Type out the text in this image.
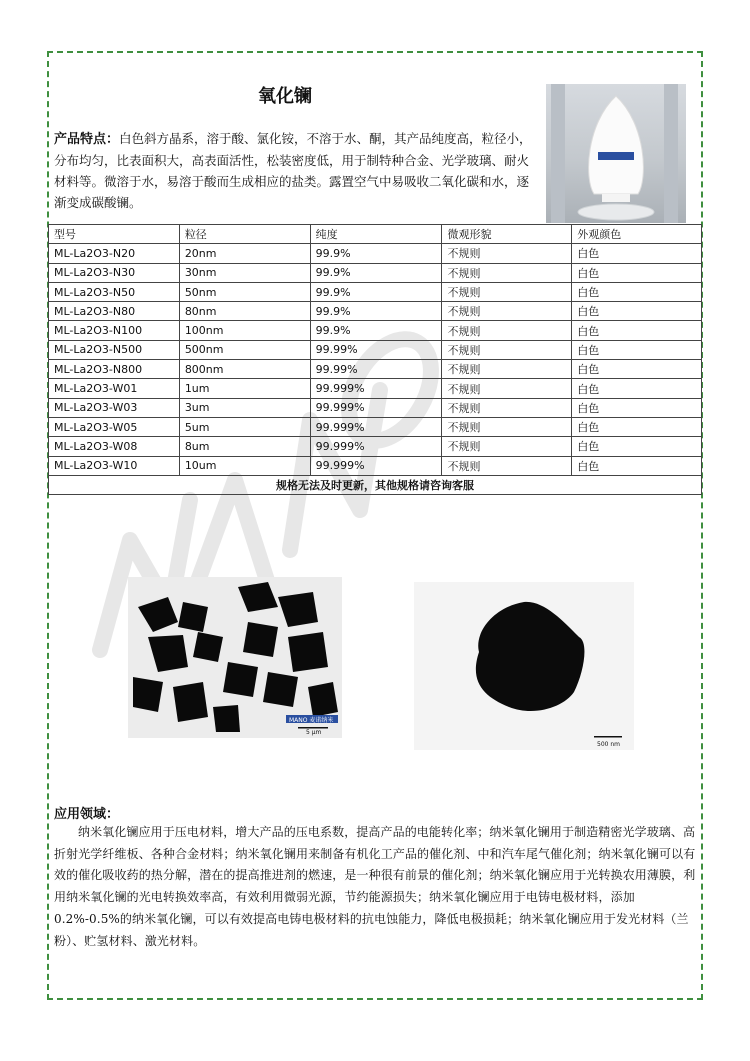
氧化镧
产品特点：白色斜方晶系，溶于酸、氯化铵，不溶于水、酮，其产品纯度高，粒径小，分布均匀，比表面积大，高表面活性，松装密度低，用于制特种合金、光学玻璃、耐火材料等。微溶于水，易溶于酸而生成相应的盐类。露置空气中易吸收二氧化碳和水，逐渐变成碳酸镧。
型号	粒径	纯度	微观形貌	外观颜色
ML-La2O3-N20	20nm	99.9%	不规则	白色
ML-La2O3-N30	30nm	99.9%	不规则	白色
ML-La2O3-N50	50nm	99.9%	不规则	白色
ML-La2O3-N80	80nm	99.9%	不规则	白色
ML-La2O3-N100	100nm	99.9%	不规则	白色
ML-La2O3-N500	500nm	99.99%	不规则	白色
ML-La2O3-N800	800nm	99.99%	不规则	白色
ML-La2O3-W01	1um	99.999%	不规则	白色
ML-La2O3-W03	3um	99.999%	不规则	白色
ML-La2O3-W05	5um	99.999%	不规则	白色
ML-La2O3-W08	8um	99.999%	不规则	白色
ML-La2O3-W10	10um	99.999%	不规则	白色
规格无法及时更新，其他规格请咨询客服				
MANO 麦诺纳米
5 μm
500 nm
应用领域：
纳米氧化镧应用于压电材料，增大产品的压电系数，提高产品的电能转化率；纳米氧化镧用于制造精密光学玻璃、高折射光学纤维板、各种合金材料；纳米氧化镧用来制备有机化工产品的催化剂、中和汽车尾气催化剂；纳米氧化镧可以有效的催化吸收药的热分解，潜在的提高推进剂的燃速，是一种很有前景的催化剂；纳米氧化镧应用于光转换农用薄膜，利用纳米氧化镧的光电转换效率高，有效利用微弱光源，节约能源损失；纳米氧化镧应用于电铸电极材料，添加 0.2%-0.5%的纳米氧化镧，可以有效提高电铸电极材料的抗电蚀能力，降低电极损耗；纳米氧化镧应用于发光材料（兰粉）、贮氢材料、激光材料。
